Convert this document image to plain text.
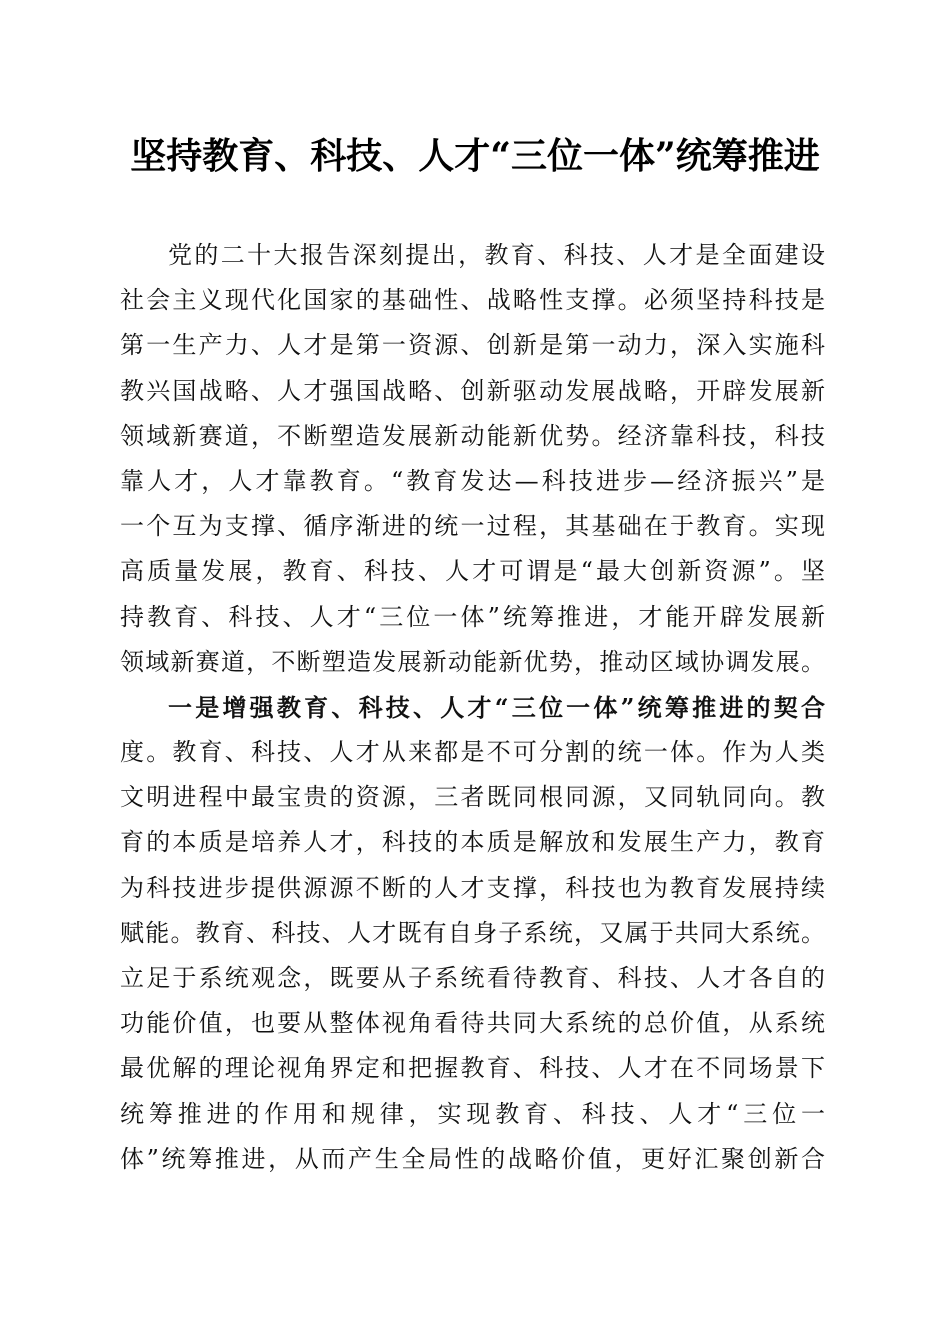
坚持教育、科技、人才“三位一体”统筹推进
党的二十大报告深刻提出，教育、科技、人才是全面建设
社会主义现代化国家的基础性、战略性支撑。必须坚持科技是
第一生产力、人才是第一资源、创新是第一动力，深入实施科
教兴国战略、人才强国战略、创新驱动发展战略，开辟发展新
领域新赛道，不断塑造发展新动能新优势。经济靠科技，科技
靠人才，人才靠教育。“教育发达—科技进步—经济振兴”是
一个互为支撑、循序渐进的统一过程，其基础在于教育。实现
高质量发展，教育、科技、人才可谓是“最大创新资源”。坚
持教育、科技、人才“三位一体”统筹推进，才能开辟发展新
领域新赛道，不断塑造发展新动能新优势，推动区域协调发展。
一是增强教育、科技、人才“三位一体”统筹推进的契合
度。教育、科技、人才从来都是不可分割的统一体。作为人类
文明进程中最宝贵的资源，三者既同根同源，又同轨同向。教
育的本质是培养人才，科技的本质是解放和发展生产力，教育
为科技进步提供源源不断的人才支撑，科技也为教育发展持续
赋能。教育、科技、人才既有自身子系统，又属于共同大系统。
立足于系统观念，既要从子系统看待教育、科技、人才各自的
功能价值，也要从整体视角看待共同大系统的总价值，从系统
最优解的理论视角界定和把握教育、科技、人才在不同场景下
统筹推进的作用和规律，实现教育、科技、人才“三位一
体”统筹推进，从而产生全局性的战略价值，更好汇聚创新合
